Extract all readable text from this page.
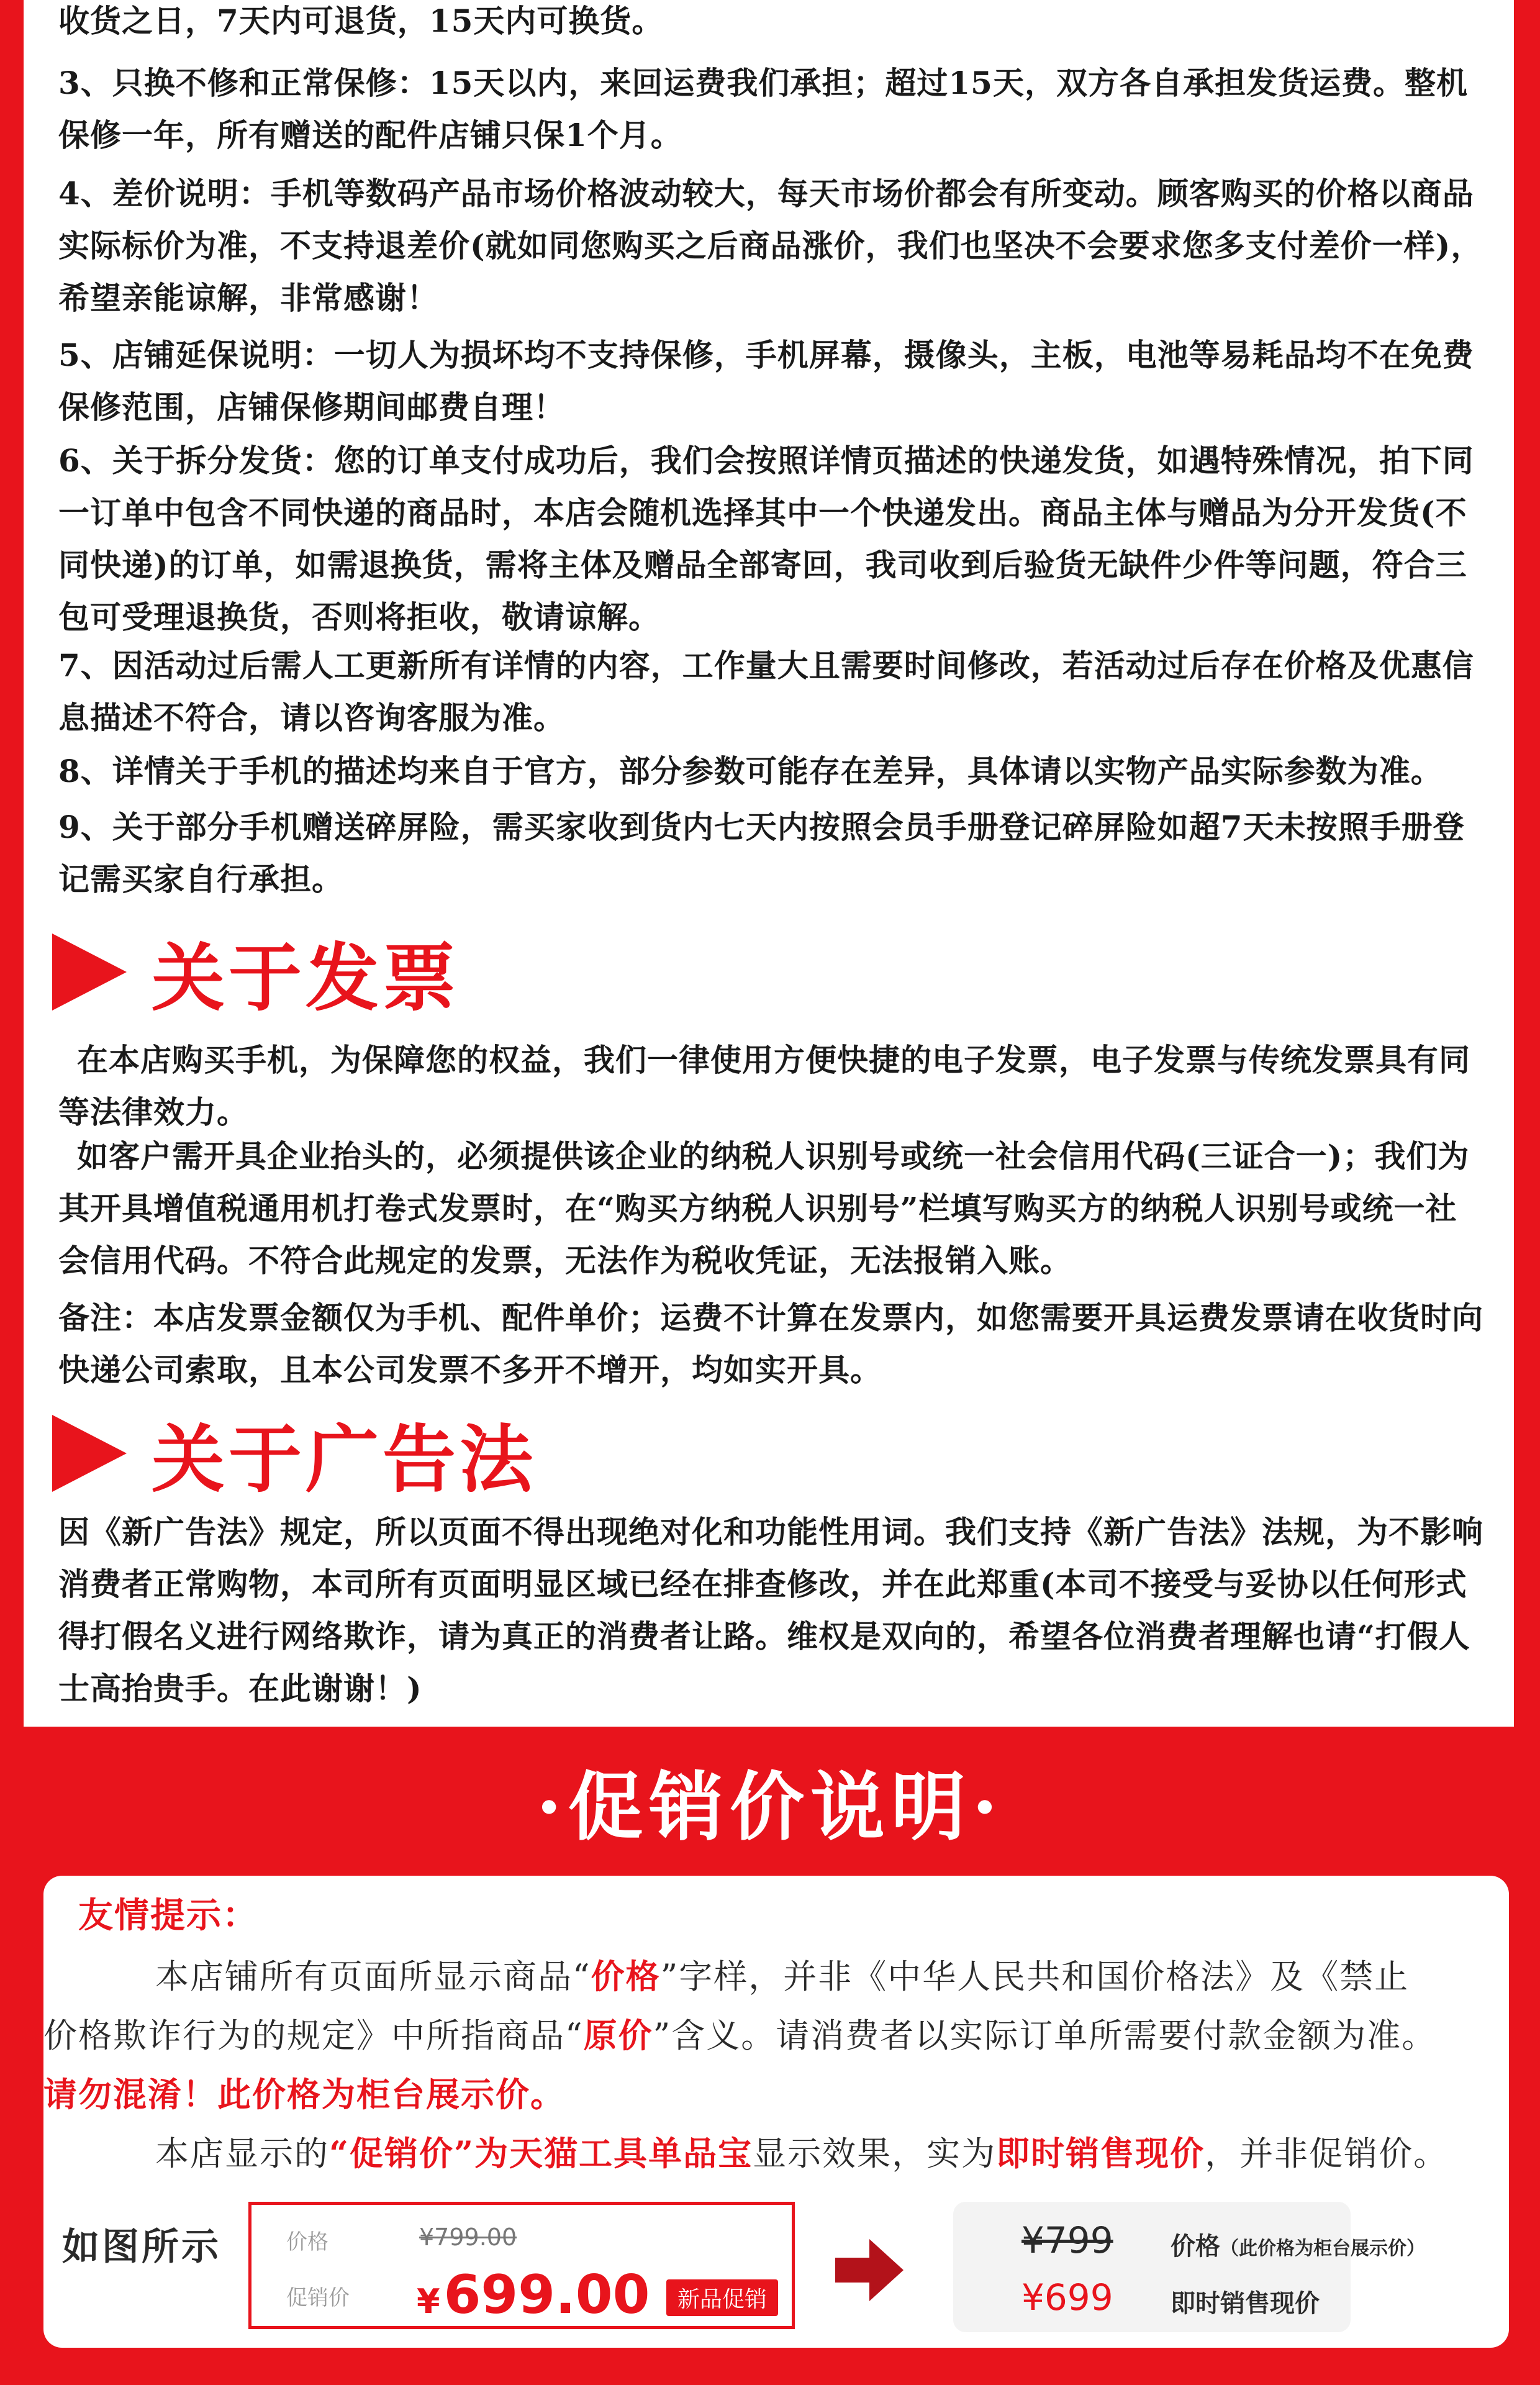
收货之日，7天内可退货，15天内可换货。

3、只换不修和正常保修：15天以内，来回运费我们承担；超过15天，双方各自承担发货运费。整机保修一年，所有赠送的配件店铺只保1个月。

4、差价说明：手机等数码产品市场价格波动较大，每天市场价都会有所变动。顾客购买的价格以商品实际标价为准，不支持退差价(就如同您购买之后商品涨价，我们也坚决不会要求您多支付差价一样)，希望亲能谅解，非常感谢！

5、店铺延保说明：一切人为损坏均不支持保修，手机屏幕，摄像头，主板，电池等易耗品均不在免费保修范围，店铺保修期间邮费自理！

6、关于拆分发货：您的订单支付成功后，我们会按照详情页描述的快递发货，如遇特殊情况，拍下同一订单中包含不同快递的商品时，本店会随机选择其中一个快递发出。商品主体与赠品为分开发货(不同快递)的订单，如需退换货，需将主体及赠品全部寄回，我司收到后验货无缺件少件等问题，符合三包可受理退换货，否则将拒收，敬请谅解。

7、因活动过后需人工更新所有详情的内容，工作量大且需要时间修改，若活动过后存在价格及优惠信息描述不符合，请以咨询客服为准。

8、详情关于手机的描述均来自于官方，部分参数可能存在差异，具体请以实物产品实际参数为准。

9、关于部分手机赠送碎屏险，需买家收到货内七天内按照会员手册登记碎屏险如超7天未按照手册登记需买家自行承担。

关于发票

在本店购买手机，为保障您的权益，我们一律使用方便快捷的电子发票，电子发票与传统发票具有同等法律效力。

如客户需开具企业抬头的，必须提供该企业的纳税人识别号或统一社会信用代码(三证合一)；我们为其开具增值税通用机打卷式发票时，在“购买方纳税人识别号”栏填写购买方的纳税人识别号或统一社会信用代码。不符合此规定的发票，无法作为税收凭证，无法报销入账。

备注：本店发票金额仅为手机、配件单价；运费不计算在发票内，如您需要开具运费发票请在收货时向快递公司索取，且本公司发票不多开不增开，均如实开具。

关于广告法

因《新广告法》规定，所以页面不得出现绝对化和功能性用词。我们支持《新广告法》法规，为不影响消费者正常购物，本司所有页面明显区域已经在排查修改，并在此郑重(本司不接受与妥协以任何形式得打假名义进行网络欺诈，请为真正的消费者让路。维权是双向的，希望各位消费者理解也请“打假人士高抬贵手。在此谢谢！)

·促销价说明·
友情提示：

本店铺所有页面所显示商品“价格”字样，并非《中华人民共和国价格法》及《禁止

价格欺诈行为的规定》中所指商品“原价”含义。请消费者以实际订单所需要付款金额为准。

请勿混淆！此价格为柜台展示价。

本店显示的“促销价”为天猫工具单品宝显示效果，实为即时销售现价，并非促销价。

如图所示	价格	¥799.00
促销价 ¥699.00	新品促销
¥799 价格（此价格为柜台展示价）
¥699 即时销售现价
